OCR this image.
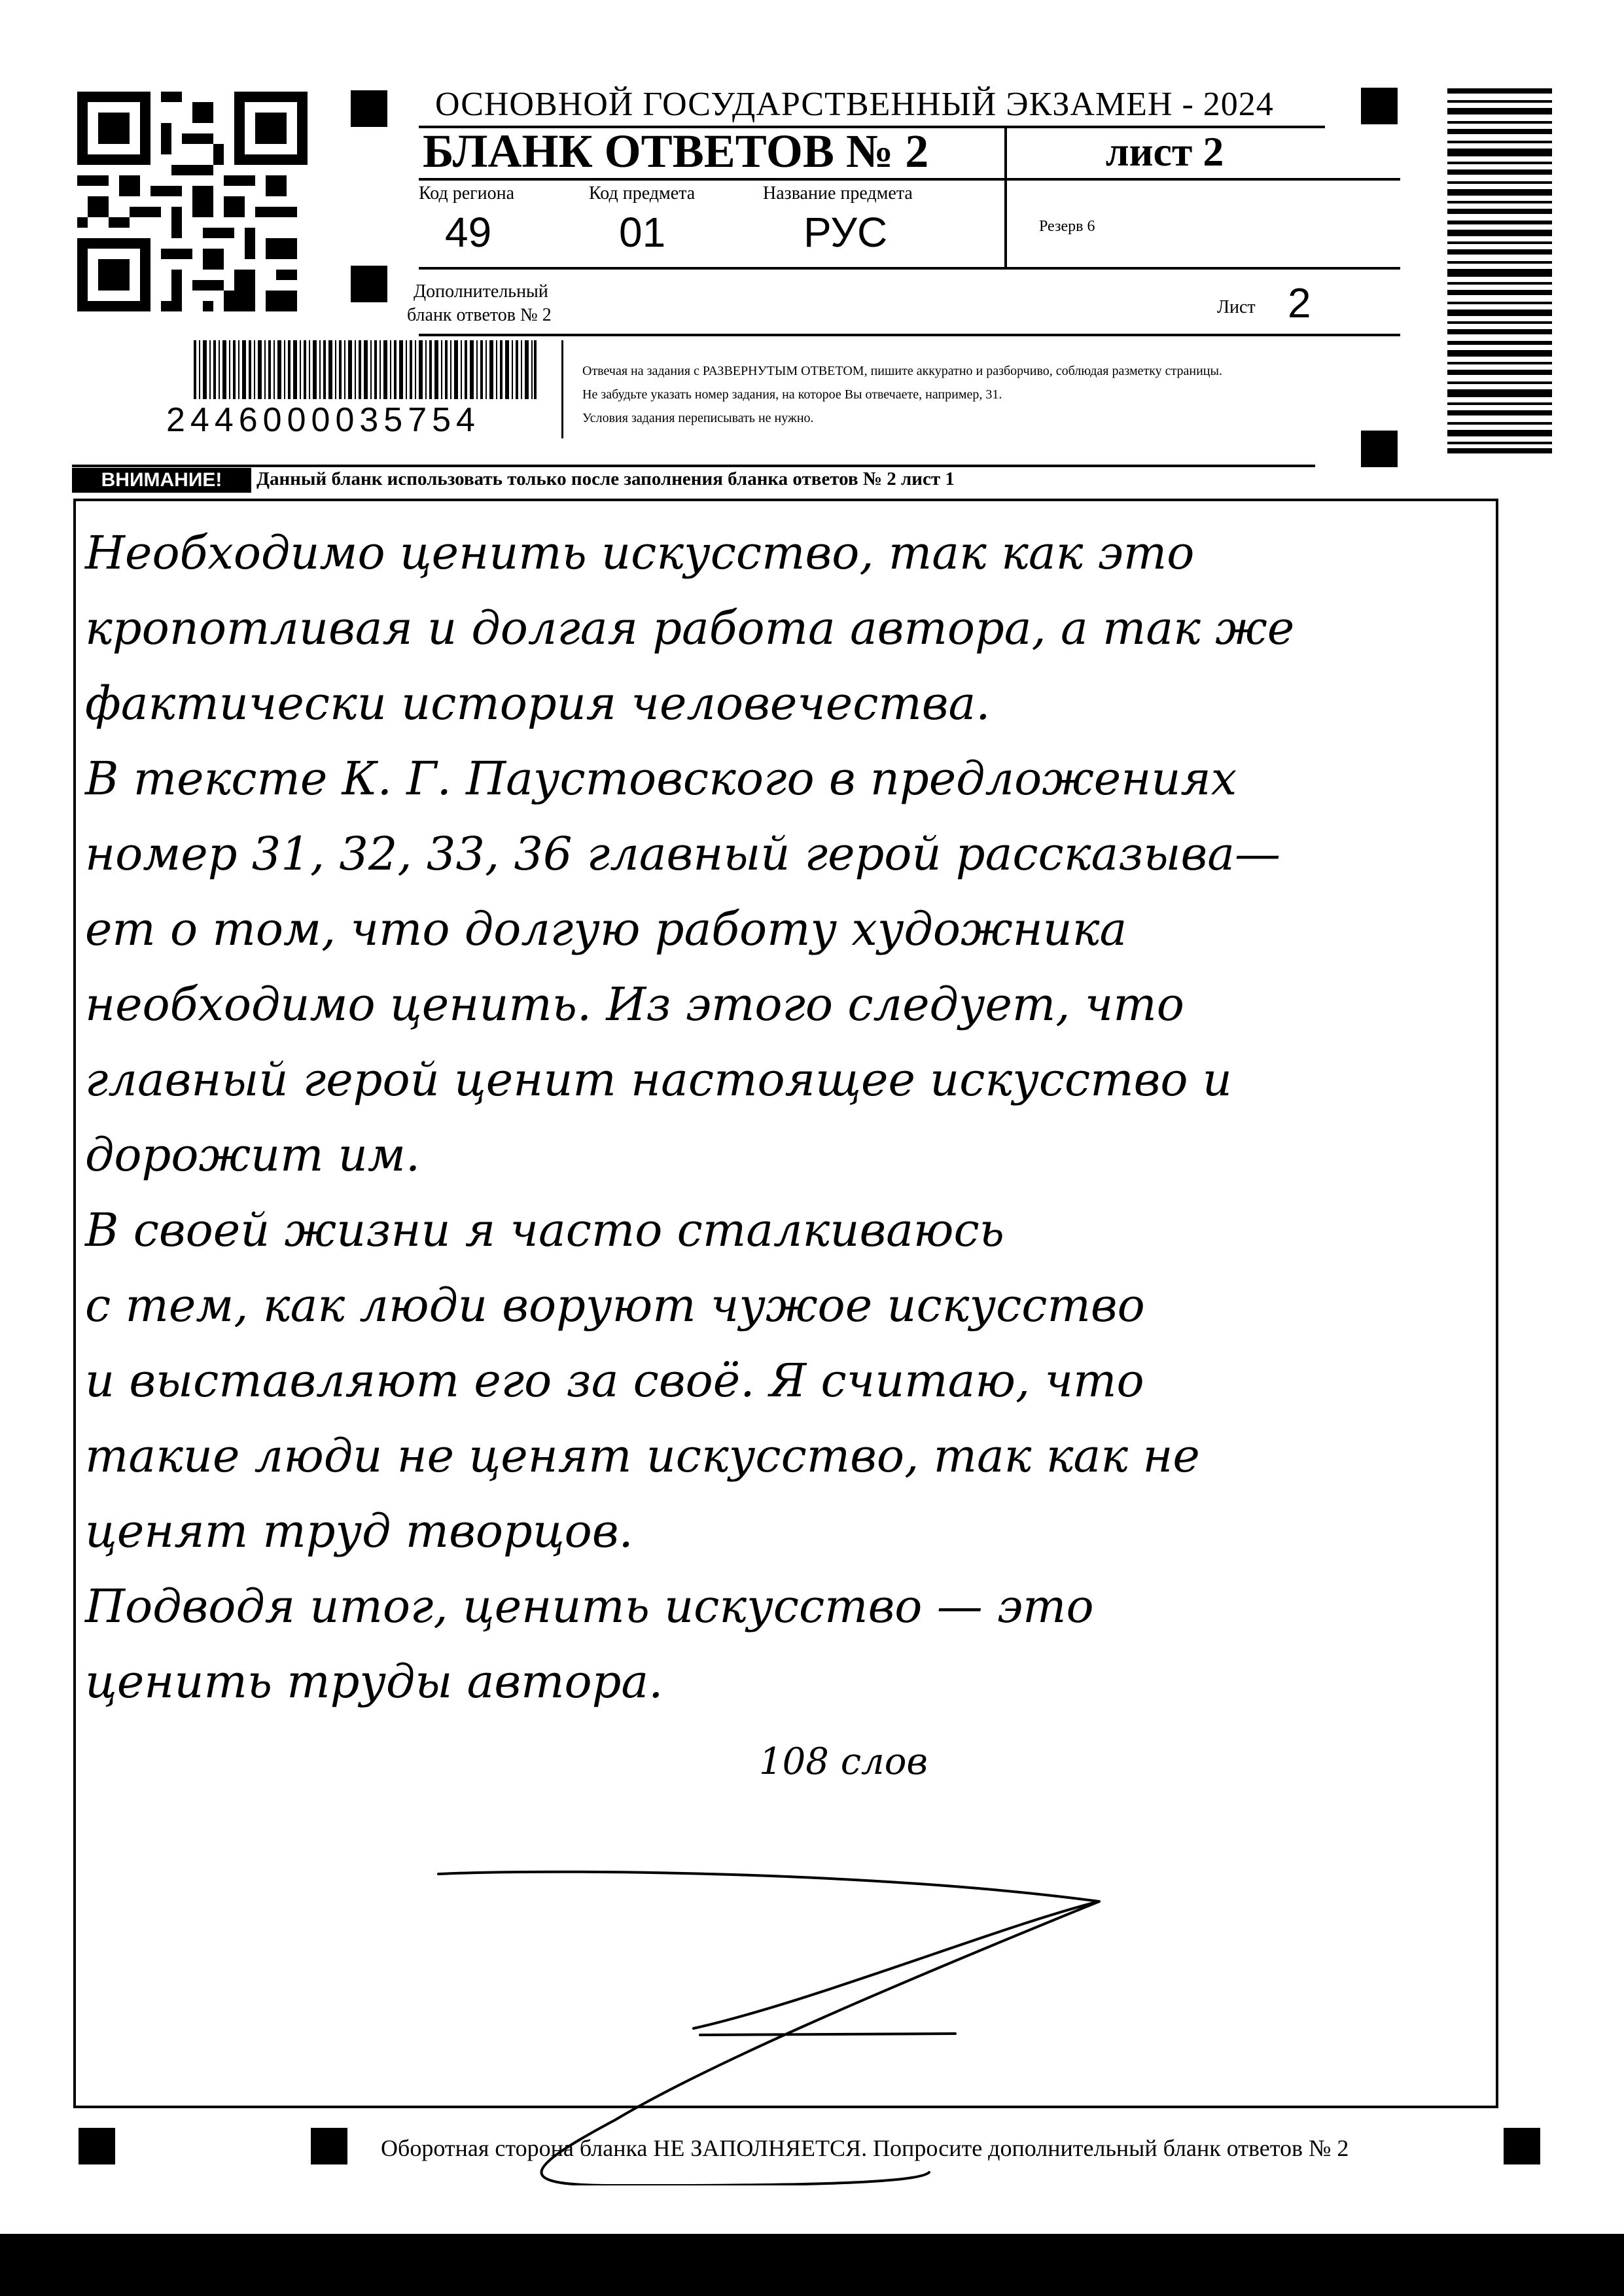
ОСНОВНОЙ ГОСУДАРСТВЕННЫЙ ЭКЗАМЕН - 2024
БЛАНК ОТВЕТОВ № 2	лист 2
Код региона
49
Код предмета
01
Название предмета
РУС	Резерв 6
Дополнительный
бланк ответов № 2	Лист 2
2446000035754
Отвечая на задания с РАЗВЕРНУТЫМ ОТВЕТОМ, пишите аккуратно и разборчиво, соблюдая разметку страницы.
Не забудьте указать номер задания, на которое Вы отвечаете, например, 31.
Условия задания переписывать не нужно.
ВНИМАНИЕ!	Данный бланк использовать только после заполнения бланка ответов № 2 лист 1
Необходимо ценить искусство, так как это
кропотливая и долгая работа автора, а так же
фактически история человечества.
В тексте К. Г. Паустовского в предложениях
номер 31, 32, 33, 36 главный герой рассказыва—
ет о том, что долгую работу художника
необходимо ценить. Из этого следует, что
главный герой ценит настоящее искусство и
дорожит им.
В своей жизни я часто сталкиваюсь
с тем, как люди воруют чужое искусство
и выставляют его за своё. Я считаю, что
такие люди не ценят искусство, так как не
ценят труд творцов.
Подводя итог, ценить искусство — это
ценить труды автора.
108 слов
Оборотная сторона бланка НЕ ЗАПОЛНЯЕТСЯ. Попросите дополнительный бланк ответов № 2
